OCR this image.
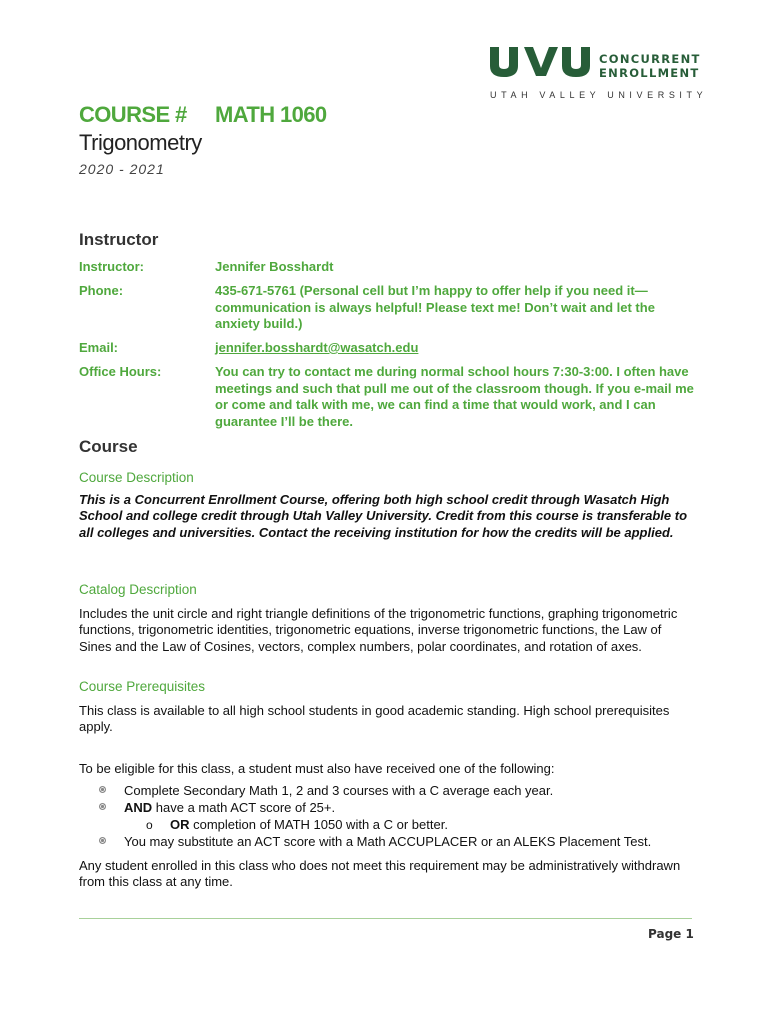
CONCURRENT
ENROLLMENT
UTAH VALLEY UNIVERSITY
COURSE # MATH 1060
Trigonometry
2020 - 2021
Instructor
Instructor:	Jennifer Bosshardt
Phone:	435-671-5761 (Personal cell but I’m happy to offer help if you need it—communication is always helpful! Please text me! Don’t wait and let the anxiety build.)
Email:	jennifer.bosshardt@wasatch.edu
Office Hours:	You can try to contact me during normal school hours 7:30-3:00. I often have meetings and such that pull me out of the classroom though. If you e-mail me or come and talk with me, we can find a time that would work, and I can guarantee I’ll be there.
Course
Course Description
This is a Concurrent Enrollment Course, offering both high school credit through Wasatch High School and college credit through Utah Valley University. Credit from this course is transferable to all colleges and universities. Contact the receiving institution for how the credits will be applied.
Catalog Description
Includes the unit circle and right triangle definitions of the trigonometric functions, graphing trigonometric functions, trigonometric identities, trigonometric equations, inverse trigonometric functions, the Law of Sines and the Law of Cosines, vectors, complex numbers, polar coordinates, and rotation of axes.
Course Prerequisites
This class is available to all high school students in good academic standing. High school prerequisites apply.
To be eligible for this class, a student must also have received one of the following:
Complete Secondary Math 1, 2 and 3 courses with a C average each year.
AND have a math ACT score of 25+.
o OR completion of MATH 1050 with a C or better.
You may substitute an ACT score with a Math ACCUPLACER or an ALEKS Placement Test.
Any student enrolled in this class who does not meet this requirement may be administratively withdrawn from this class at any time.
Page 1
